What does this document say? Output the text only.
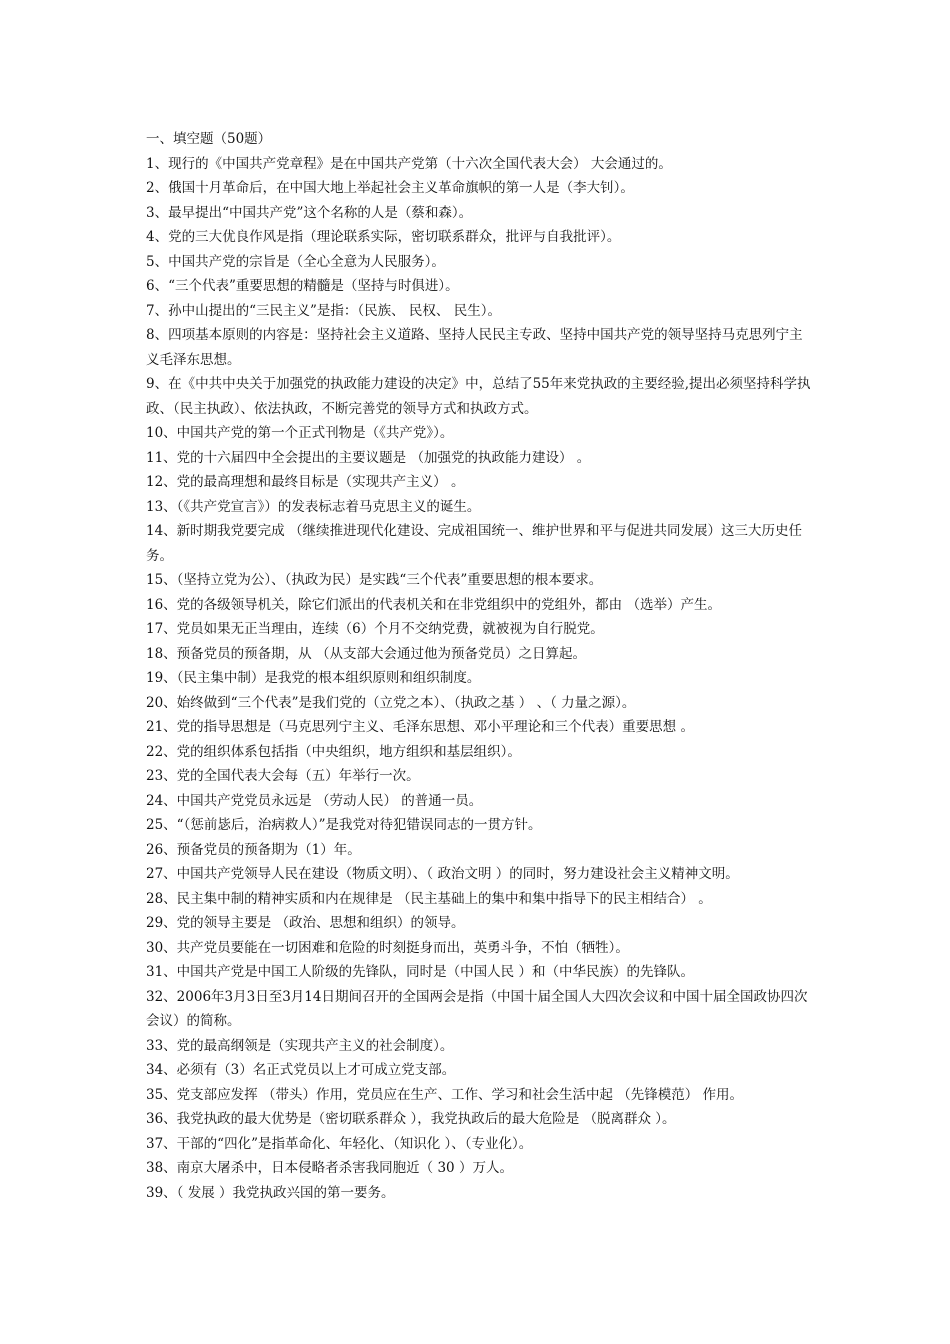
一、填空题（50题）

1、现行的《中国共产党章程》是在中国共产党第（十六次全国代表大会） 大会通过的。

2、俄国十月革命后，在中国大地上举起社会主义革命旗帜的第一人是（李大钊）。

3、最早提出“中国共产党”这个名称的人是（蔡和森）。

4、党的三大优良作风是指（理论联系实际，密切联系群众，批评与自我批评）。

5、中国共产党的宗旨是（全心全意为人民服务）。

6、“三个代表”重要思想的精髓是（坚持与时俱进）。

7、孙中山提出的“三民主义”是指：（民族、 民权、 民生）。

8、四项基本原则的内容是：坚持社会主义道路、坚持人民民主专政、坚持中国共产党的领导坚持马克思列宁主义毛泽东思想。

9、在《中共中央关于加强党的执政能力建设的决定》中，总结了55年来党执政的主要经验,提出必须坚持科学执政、（民主执政）、依法执政，不断完善党的领导方式和执政方式。

10、中国共产党的第一个正式刊物是（《共产党》）。

11、党的十六届四中全会提出的主要议题是 （加强党的执政能力建设） 。

12、党的最高理想和最终目标是（实现共产主义） 。

13、（《共产党宣言》）的发表标志着马克思主义的诞生。

14、新时期我党要完成 （继续推进现代化建设、完成祖国统一、维护世界和平与促进共同发展）这三大历史任务。

15、（坚持立党为公）、（执政为民）是实践“三个代表”重要思想的根本要求。

16、党的各级领导机关，除它们派出的代表机关和在非党组织中的党组外，都由 （选举）产生。

17、党员如果无正当理由，连续（6）个月不交纳党费，就被视为自行脱党。

18、预备党员的预备期，从 （从支部大会通过他为预备党员）之日算起。

19、（民主集中制）是我党的根本组织原则和组织制度。

20、始终做到“三个代表”是我们党的（立党之本）、（执政之基 ） 、（ 力量之源）。

21、党的指导思想是（马克思列宁主义、毛泽东思想、邓小平理论和三个代表）重要思想 。

22、党的组织体系包括指（中央组织，地方组织和基层组织）。

23、党的全国代表大会每（五）年举行一次。

24、中国共产党党员永远是 （劳动人民） 的普通一员。

25、“（惩前毖后，治病救人）”是我党对待犯错误同志的一贯方针。

26、预备党员的预备期为（1）年。

27、中国共产党领导人民在建设（物质文明）、（ 政治文明 ）的同时，努力建设社会主义精神文明。

28、民主集中制的精神实质和内在规律是 （民主基础上的集中和集中指导下的民主相结合） 。

29、党的领导主要是 （政治、思想和组织）的领导。

30、共产党员要能在一切困难和危险的时刻挺身而出，英勇斗争，不怕（牺牲）。

31、中国共产党是中国工人阶级的先锋队，同时是（中国人民 ）和（中华民族）的先锋队。

32、2006年3月3日至3月14日期间召开的全国两会是指（中国十届全国人大四次会议和中国十届全国政协四次会议）的简称。

33、党的最高纲领是（实现共产主义的社会制度）。

34、必须有（3）名正式党员以上才可成立党支部。

35、党支部应发挥 （带头）作用，党员应在生产、工作、学习和社会生活中起 （先锋模范） 作用。

36、我党执政的最大优势是（密切联系群众 ），我党执政后的最大危险是 （脱离群众 ）。

37、干部的“四化”是指革命化、年轻化、（知识化 ）、（专业化）。

38、南京大屠杀中，日本侵略者杀害我同胞近（ 30 ）万人。

39、（ 发展 ）我党执政兴国的第一要务。
